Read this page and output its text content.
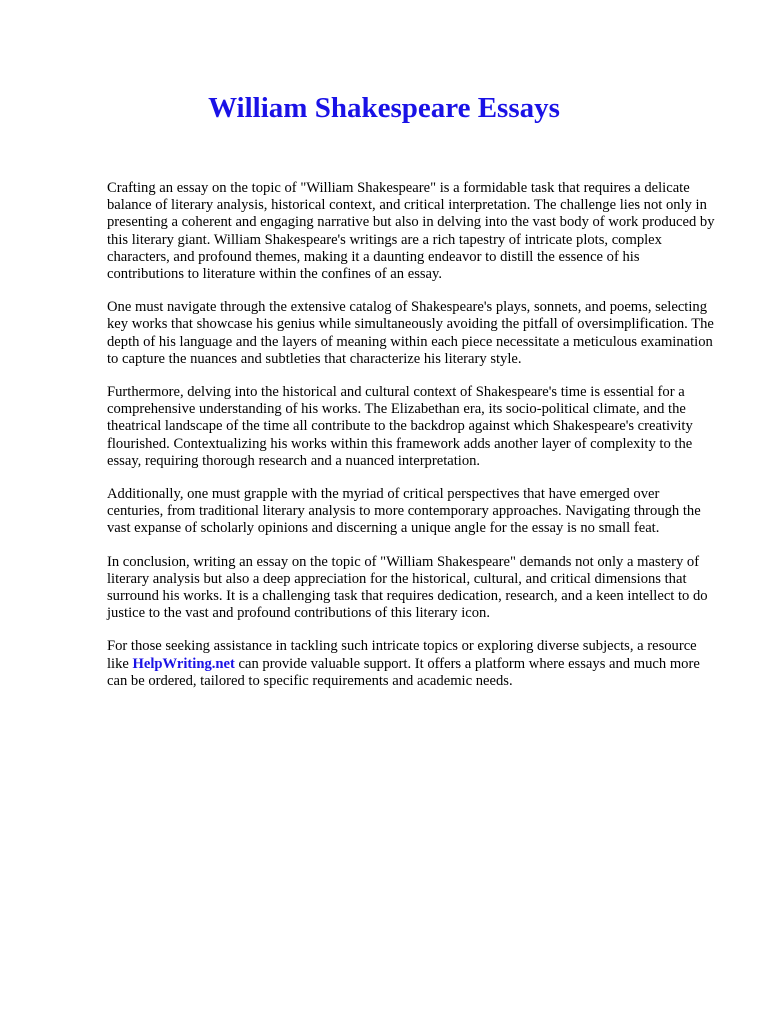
William Shakespeare Essays

Crafting an essay on the topic of "William Shakespeare" is a formidable task that requires a delicate balance of literary analysis, historical context, and critical interpretation. The challenge lies not only in presenting a coherent and engaging narrative but also in delving into the vast body of work produced by this literary giant. William Shakespeare's writings are a rich tapestry of intricate plots, complex characters, and profound themes, making it a daunting endeavor to distill the essence of his contributions to literature within the confines of an essay.

One must navigate through the extensive catalog of Shakespeare's plays, sonnets, and poems, selecting key works that showcase his genius while simultaneously avoiding the pitfall of oversimplification. The depth of his language and the layers of meaning within each piece necessitate a meticulous examination to capture the nuances and subtleties that characterize his literary style.

Furthermore, delving into the historical and cultural context of Shakespeare's time is essential for a comprehensive understanding of his works. The Elizabethan era, its socio-political climate, and the theatrical landscape of the time all contribute to the backdrop against which Shakespeare's creativity flourished. Contextualizing his works within this framework adds another layer of complexity to the essay, requiring thorough research and a nuanced interpretation.

Additionally, one must grapple with the myriad of critical perspectives that have emerged over centuries, from traditional literary analysis to more contemporary approaches. Navigating through the vast expanse of scholarly opinions and discerning a unique angle for the essay is no small feat.

In conclusion, writing an essay on the topic of "William Shakespeare" demands not only a mastery of literary analysis but also a deep appreciation for the historical, cultural, and critical dimensions that surround his works. It is a challenging task that requires dedication, research, and a keen intellect to do justice to the vast and profound contributions of this literary icon.

For those seeking assistance in tackling such intricate topics or exploring diverse subjects, a resource like HelpWriting.net can provide valuable support. It offers a platform where essays and much more can be ordered, tailored to specific requirements and academic needs.
